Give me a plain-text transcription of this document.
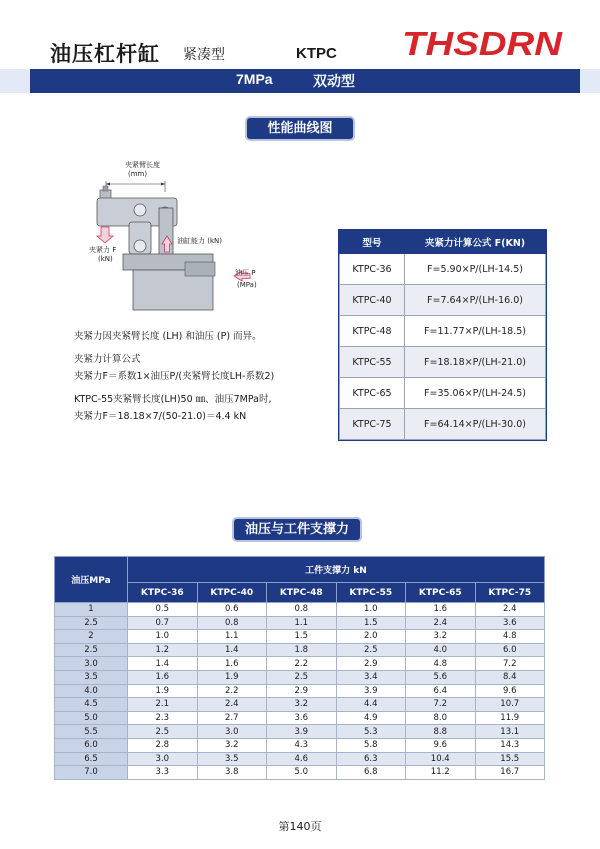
油压杠杆缸 紧凑型	KTPC THSDRN
7MPa	双动型
性能曲线图
夹紧臂长度
(mm)
夹紧力 F
(kN)
油缸能力 (kN)
油压 P
(MPa)
夹紧力因夹紧臂长度 (LH) 和油压 (P) 而异。
夹紧力计算公式
夹紧力F＝系数1×油压P/(夹紧臂长度LH-系数2)
KTPC-55夹紧臂长度(LH)50 ㎜、油压7MPa时,
夹紧力F＝18.18×7/(50-21.0)＝4.4 kN
型号	夹紧力计算公式 F(KN)
KTPC-36	F=5.90×P/(LH-14.5)
KTPC-40	F=7.64×P/(LH-16.0)
KTPC-48	F=11.77×P/(LH-18.5)
KTPC-55	F=18.18×P/(LH-21.0)
KTPC-65	F=35.06×P/(LH-24.5)
KTPC-75	F=64.14×P/(LH-30.0)
油压与工件支撑力
油压MPa	工件支撑力 kN					
	KTPC-36	KTPC-40	KTPC-48	KTPC-55	KTPC-65	KTPC-75
1	0.5	0.6	0.8	1.0	1.6	2.4
2.5	0.7	0.8	1.1	1.5	2.4	3.6
2	1.0	1.1	1.5	2.0	3.2	4.8
2.5	1.2	1.4	1.8	2.5	4.0	6.0
3.0	1.4	1.6	2.2	2.9	4.8	7.2
3.5	1.6	1.9	2.5	3.4	5.6	8.4
4.0	1.9	2.2	2.9	3.9	6.4	9.6
4.5	2.1	2.4	3.2	4.4	7.2	10.7
5.0	2.3	2.7	3.6	4.9	8.0	11.9
5.5	2.5	3.0	3.9	5.3	8.8	13.1
6.0	2.8	3.2	4.3	5.8	9.6	14.3
6.5	3.0	3.5	4.6	6.3	10.4	15.5
7.0	3.3	3.8	5.0	6.8	11.2	16.7
第140页
